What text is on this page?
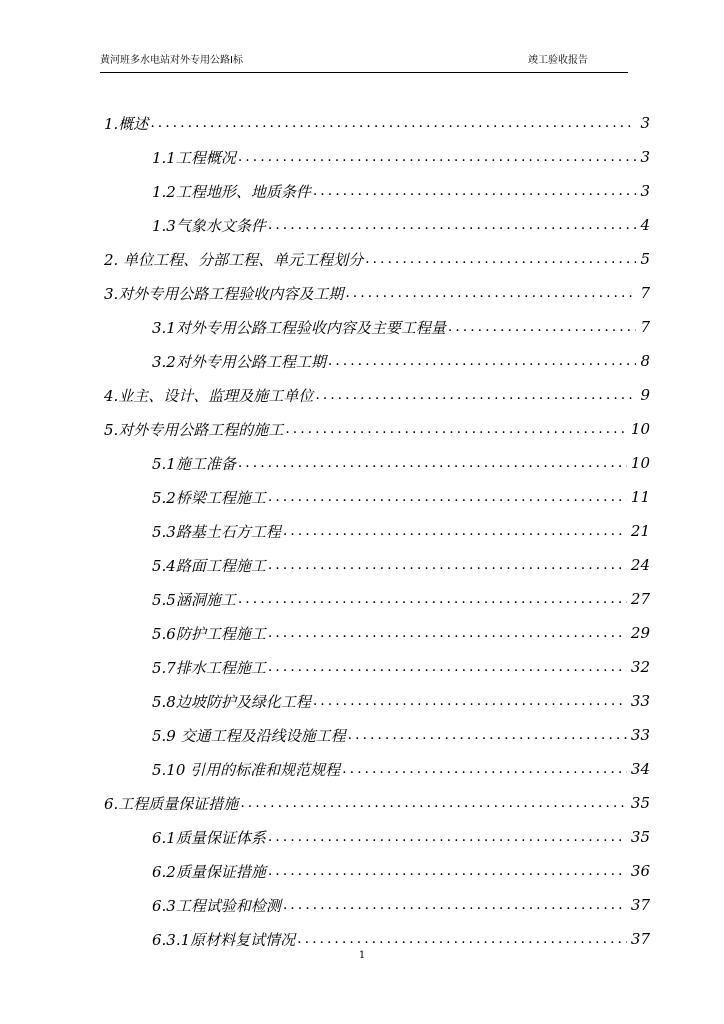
黄河班多水电站对外专用公路I标	竣工验收报告
1.概述 .....	3
1.1工程概况 .....	3
1.2工程地形、地质条件 .....	3
1.3气象水文条件 .....	4
2. 单位工程、分部工程、单元工程划分 .....	5
3.对外专用公路工程验收内容及工期 .....	7
3.1对外专用公路工程验收内容及主要工程量 .....	7
3.2对外专用公路工程工期 .....	8
4.业主、设计、监理及施工单位 .....	9
5.对外专用公路工程的施工 .....	10
5.1施工准备 .....	10
5.2桥梁工程施工 .....	11
5.3路基土石方工程 .....	21
5.4路面工程施工 .....	24
5.5涵洞施工 .....	27
5.6防护工程施工 .....	29
5.7排水工程施工 .....	32
5.8边坡防护及绿化工程 .....	33
5.9 交通工程及沿线设施工程 .....	33
5.10 引用的标准和规范规程 .....	34
6.工程质量保证措施 .....	35
6.1质量保证体系 .....	35
6.2质量保证措施 .....	36
6.3工程试验和检测 .....	37
6.3.1原材料复试情况 .....	37
1
